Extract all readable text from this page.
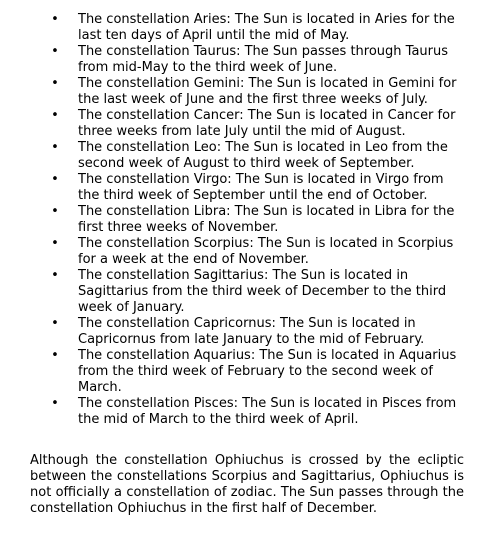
• The constellation Aries: The Sun is located in Aries for the last ten days of April until the mid of May.
• The constellation Taurus: The Sun passes through Taurus from mid-May to the third week of June.
• The constellation Gemini: The Sun is located in Gemini for the last week of June and the first three weeks of July.
• The constellation Cancer: The Sun is located in Cancer for three weeks from late July until the mid of August.
• The constellation Leo: The Sun is located in Leo from the second week of August to third week of September.
• The constellation Virgo: The Sun is located in Virgo from the third week of September until the end of October.
• The constellation Libra: The Sun is located in Libra for the first three weeks of November.
• The constellation Scorpius: The Sun is located in Scorpius for a week at the end of November.
• The constellation Sagittarius: The Sun is located in Sagittarius from the third week of December to the third week of January.
• The constellation Capricornus: The Sun is located in Capricornus from late January to the mid of February.
• The constellation Aquarius: The Sun is located in Aquarius from the third week of February to the second week of March.
• The constellation Pisces: The Sun is located in Pisces from the mid of March to the third week of April.

Although the constellation Ophiuchus is crossed by the ecliptic between the constellations Scorpius and Sagittarius, Ophiuchus is not officially a constellation of zodiac. The Sun passes through the constellation Ophiuchus in the first half of December.
